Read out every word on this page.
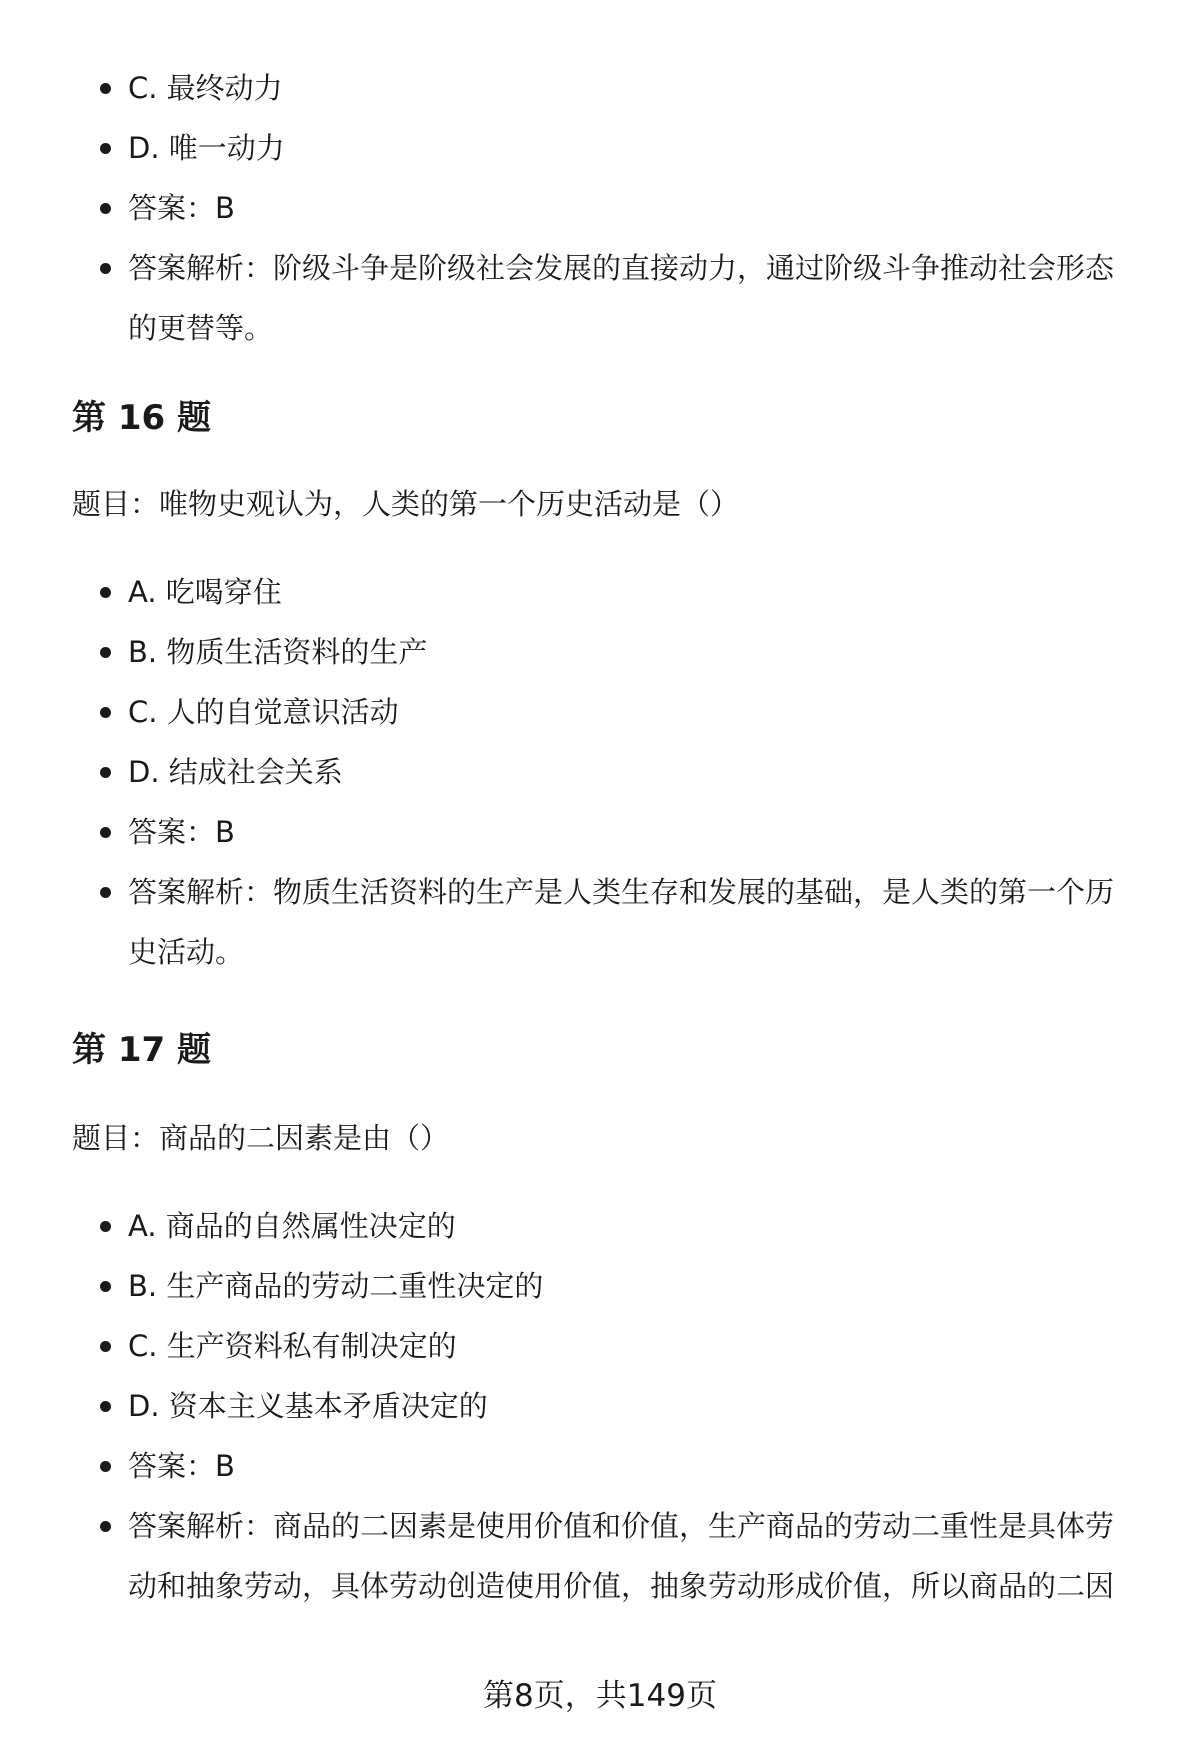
C. 最终动力
D. 唯一动力
答案：B
答案解析：阶级斗争是阶级社会发展的直接动力，通过阶级斗争推动社会形态的更替等。
第 16 题

题目：唯物史观认为，人类的第一个历史活动是（）

A. 吃喝穿住
B. 物质生活资料的生产
C. 人的自觉意识活动
D. 结成社会关系
答案：B
答案解析：物质生活资料的生产是人类生存和发展的基础，是人类的第一个历史活动。
第 17 题

题目：商品的二因素是由（）

A. 商品的自然属性决定的
B. 生产商品的劳动二重性决定的
C. 生产资料私有制决定的
D. 资本主义基本矛盾决定的
答案：B
答案解析：商品的二因素是使用价值和价值，生产商品的劳动二重性是具体劳动和抽象劳动，具体劳动创造使用价值，抽象劳动形成价值，所以商品的二因
第8页，共149页
